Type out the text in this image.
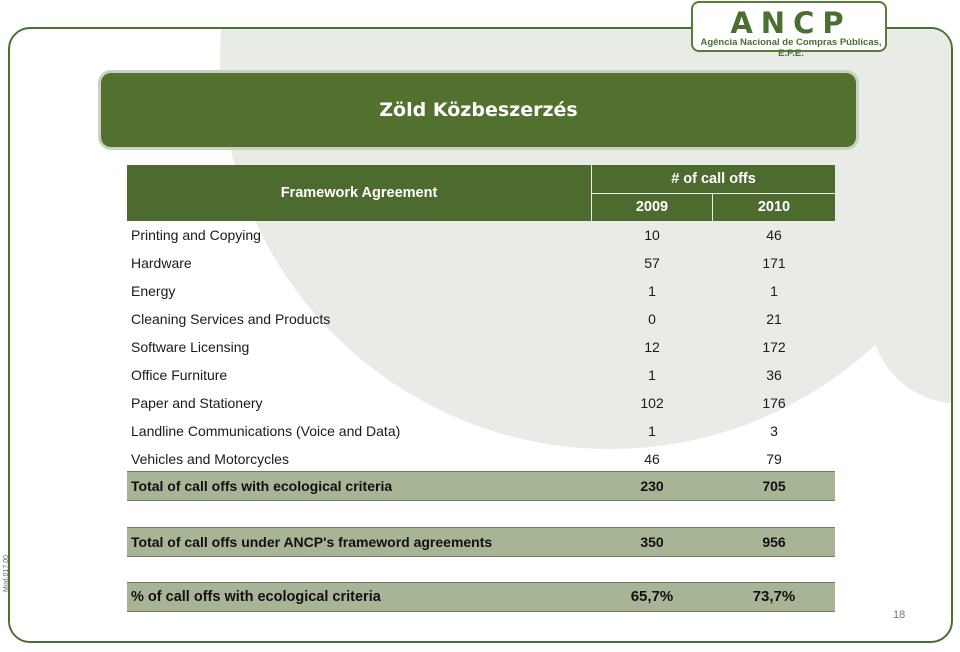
ANCP
Agência Nacional de Compras Públicas, E.P.E.
Zöld Közbeszerzés
Framework Agreement
# of call offs
2009	2010
Printing and Copying	10	46
Hardware	57	171
Energy	1	1
Cleaning Services and Products	0	21
Software Licensing	12	172
Office Furniture	1	36
Paper and Stationery	102	176
Landline Communications (Voice and Data)	1	3
Vehicles and Motorcycles	46	79
Total of call offs with ecological criteria	230	705
Total of call offs under ANCP's frameword agreements	350	956
% of call offs with ecological criteria	65,7%	73,7%
18
Mod.017.00
